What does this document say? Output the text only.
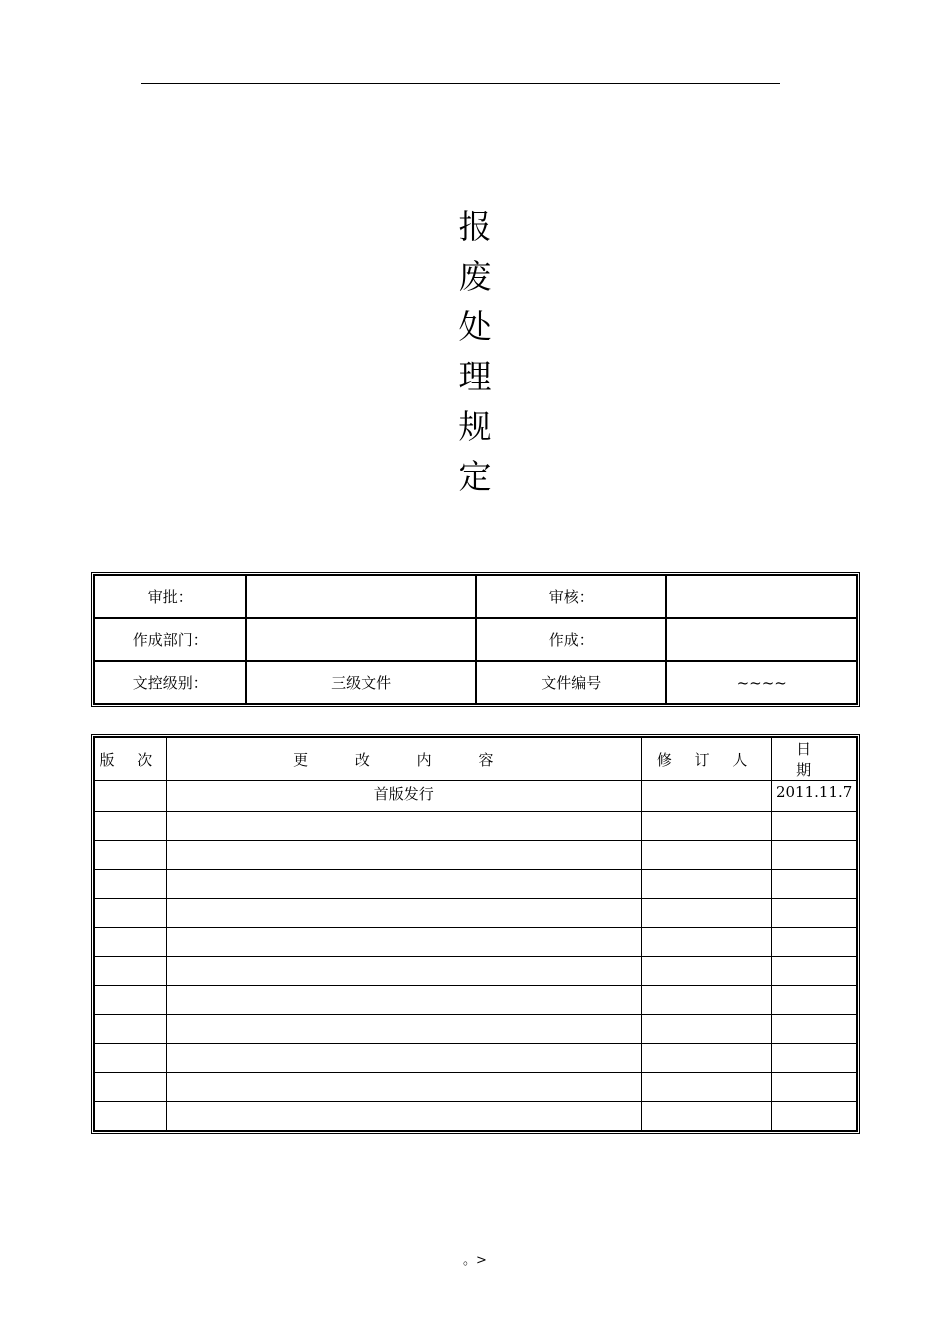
报
废
处
理
规
定
审批：		审核：	
作成部门：		作成：	
文控级别：	三级文件	文件编号	~~~~
版 次	更 改 内 容	修 订 人	日 期
	首版发行		2011.11.7

。>
